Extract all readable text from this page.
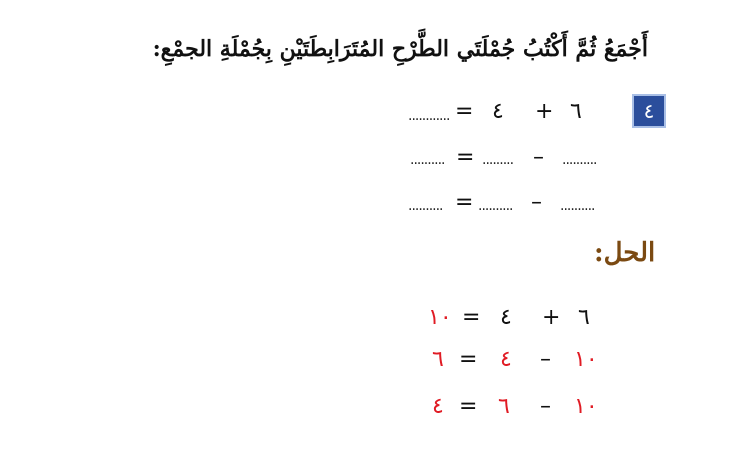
أَجْمَعُ ثُمَّ أَكْتُبُ جُمْلَتَي الطَّرْحِ المُتَرَابِطَتَيْنِ بِجُمْلَةِ الجمْعِ:
٤
٦
+
٤
=
............
..........
–
.........
=
..........
..........
–
..........
=
..........
الحل:
٦
+
٤
=
١٠
١٠
–
٤
=
٦
١٠
–
٦
=
٤
